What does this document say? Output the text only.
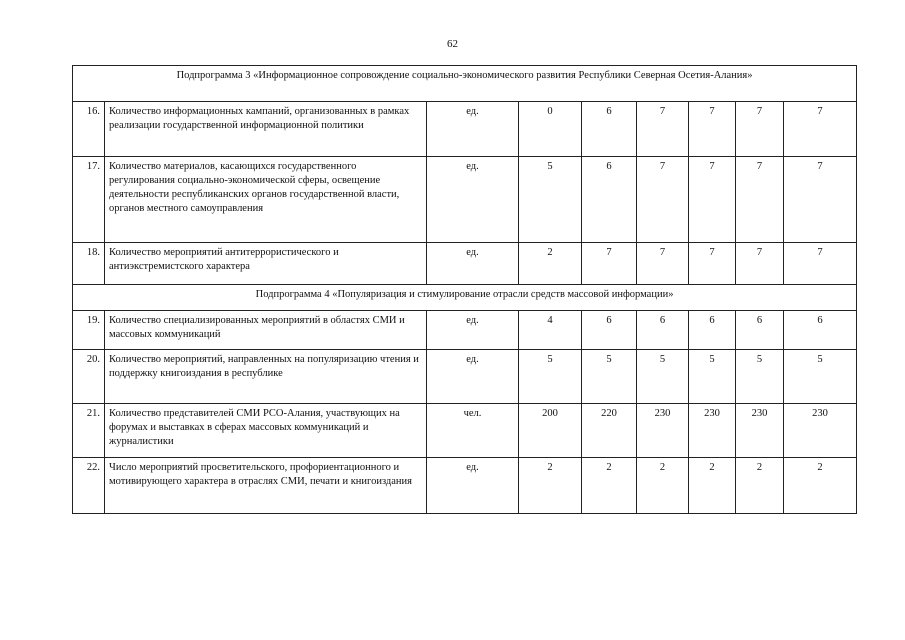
62
Подпрограмма 3 «Информационное сопровождение социально-экономического развития Республики Северная Осетия-Алания»								
16.	Количество информационных кампаний, организованных в рамках реализации государственной информационной политики	ед.	0	6	7	7	7	7
17.	Количество материалов, касающихся государственного регулирования социально-экономической сферы, освещение деятельности республиканских органов государственной власти, органов местного самоуправления	ед.	5	6	7	7	7	7
18.	Количество мероприятий антитеррористического и антиэкстремистского характера	ед.	2	7	7	7	7	7
Подпрограмма 4 «Популяризация и стимулирование отрасли средств массовой информации»								
19.	Количество специализированных мероприятий в областях СМИ и массовых коммуникаций	ед.	4	6	6	6	6	6
20.	Количество мероприятий, направленных на популяризацию чтения и поддержку книгоиздания в республике	ед.	5	5	5	5	5	5
21.	Количество представителей СМИ РСО-Алания, участвующих на форумах и выставках в сферах массовых коммуникаций и журналистики	чел.	200	220	230	230	230	230
22.	Число мероприятий просветительского, профориентационного и мотивирующего характера в отраслях СМИ, печати и книгоиздания	ед.	2	2	2	2	2	2
